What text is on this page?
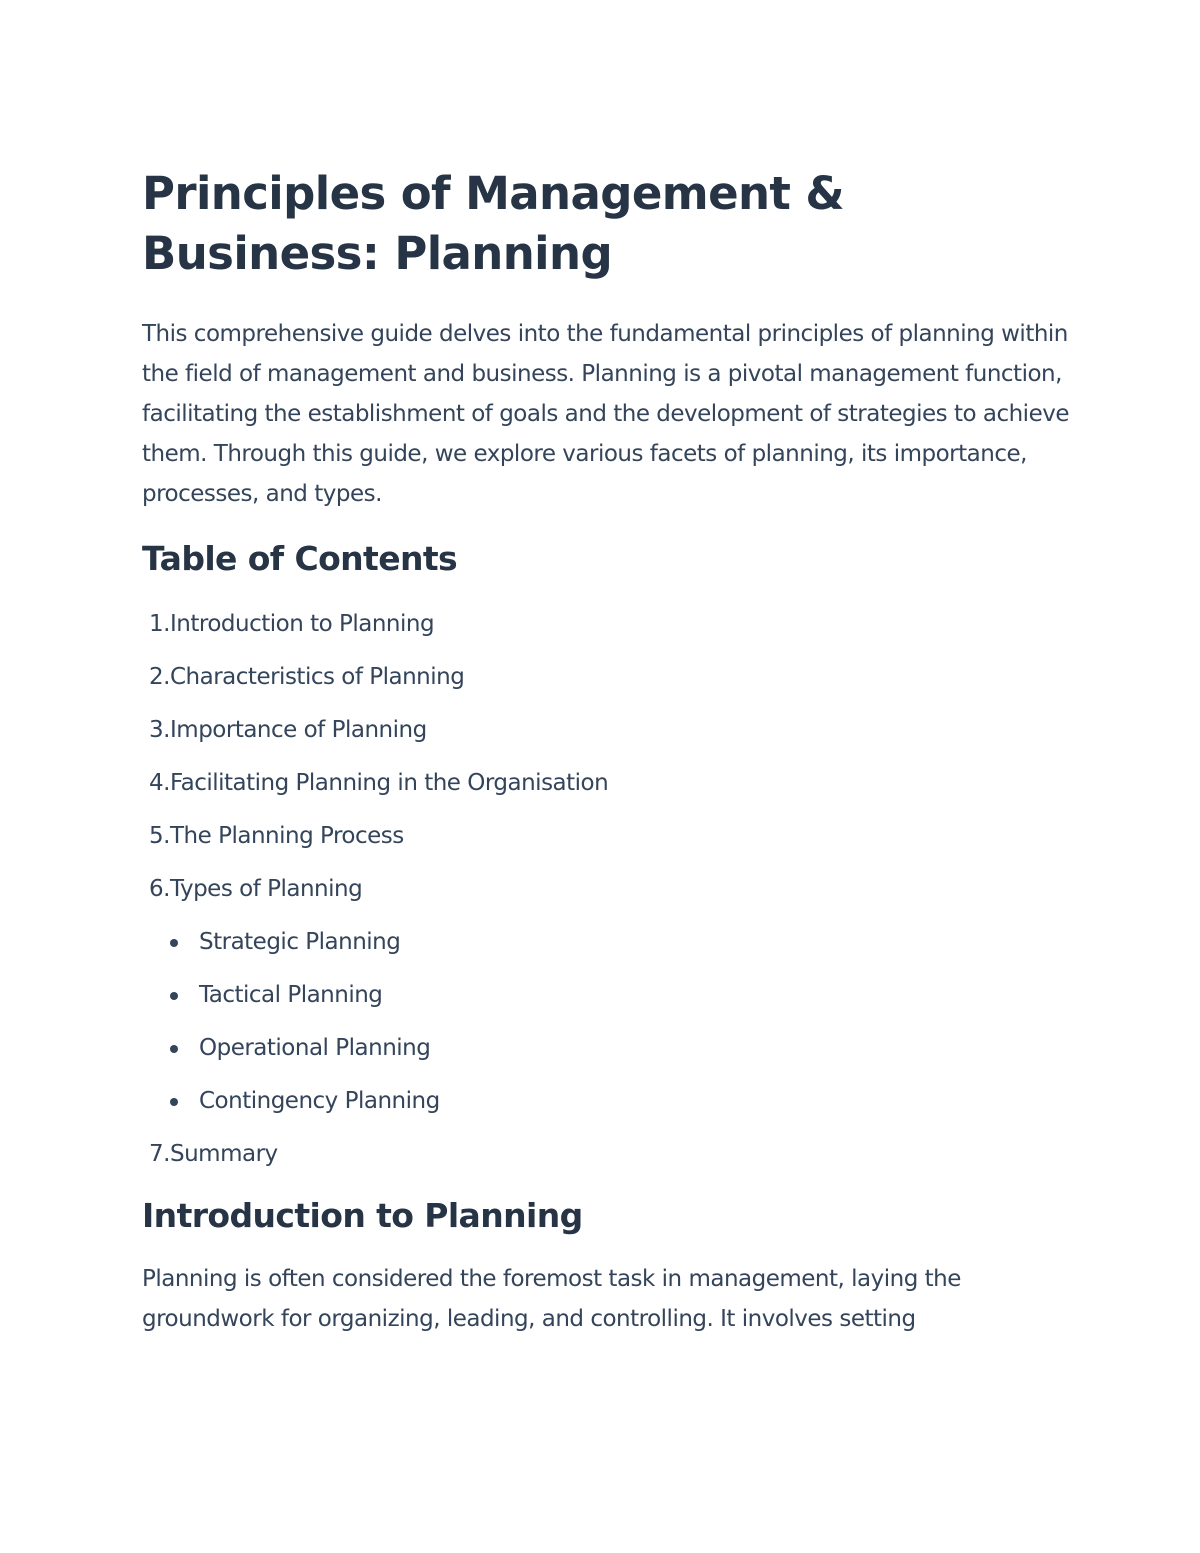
Principles of Management & Business: Planning

This comprehensive guide delves into the fundamental principles of planning within the field of management and business. Planning is a pivotal management function, facilitating the establishment of goals and the development of strategies to achieve them. Through this guide, we explore various facets of planning, its importance, processes, and types.

Table of Contents
1. Introduction to Planning
2. Characteristics of Planning
3. Importance of Planning
4. Facilitating Planning in the Organisation
5. The Planning Process
6. Types of Planning
Strategic Planning
Tactical Planning
Operational Planning
Contingency Planning
7. Summary
Introduction to Planning

Planning is often considered the foremost task in management, laying the groundwork for organizing, leading, and controlling. It involves setting
